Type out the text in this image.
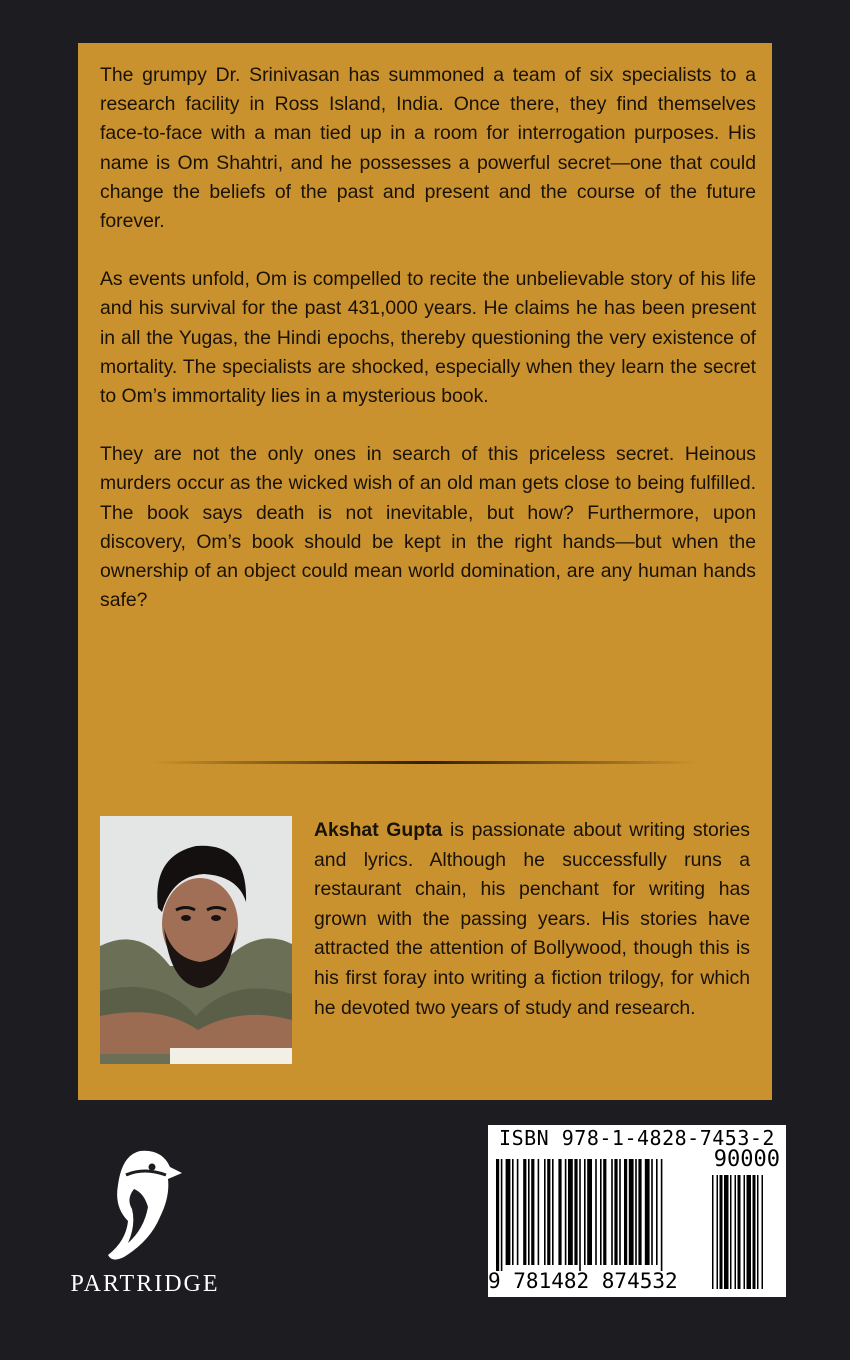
The grumpy Dr. Srinivasan has summoned a team of six specialists to a research facility in Ross Island, India. Once there, they find themselves face-to-face with a man tied up in a room for interrogation purposes. His name is Om Shahtri, and he possesses a powerful secret—one that could change the beliefs of the past and present and the course of the future forever.

As events unfold, Om is compelled to recite the unbelievable story of his life and his survival for the past 431,000 years. He claims he has been present in all the Yugas, the Hindi epochs, thereby questioning the very existence of mortality. The specialists are shocked, especially when they learn the secret to Om’s immortality lies in a mysterious book.

They are not the only ones in search of this priceless secret. Heinous murders occur as the wicked wish of an old man gets close to being fulfilled. The book says death is not inevitable, but how? Furthermore, upon discovery, Om’s book should be kept in the right hands—but when the ownership of an object could mean world domination, are any human hands safe?

Akshat Gupta is passionate about writing stories and lyrics. Although he successfully runs a restaurant chain, his penchant for writing has grown with the passing years. His stories have attracted the attention of Bollywood, though this is his first foray into writing a fiction trilogy, for which he devoted two years of study and research.

PARTRIDGE
ISBN 978-1-4828-7453-2
90000
9 781482 874532
